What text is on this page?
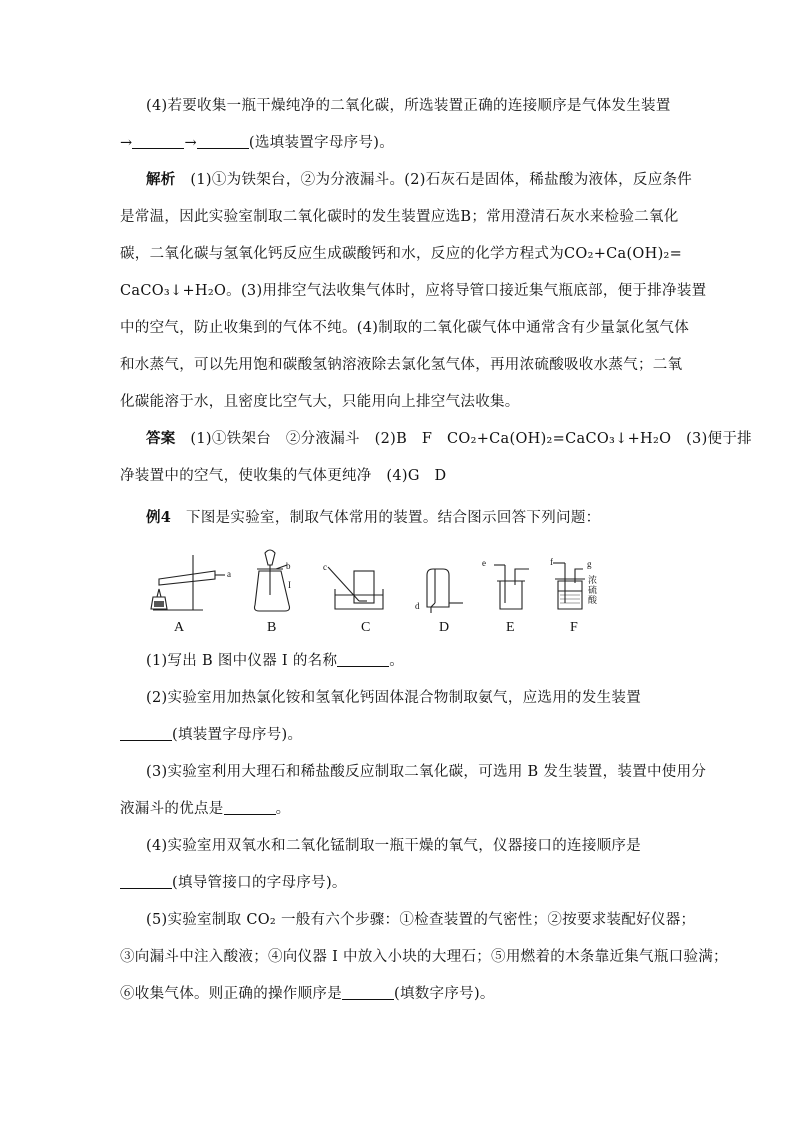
(4)若要收集一瓶干燥纯净的二氧化碳，所选装置正确的连接顺序是气体发生装置
→	→	(选填装置字母序号)。
解析　 (1)①为铁架台，②为分液漏斗。(2)石灰石是固体，稀盐酸为液体，反应条件
是常温，因此实验室制取二氧化碳时的发生装置应选B；常用澄清石灰水来检验二氧化
碳，二氧化碳与氢氧化钙反应生成碳酸钙和水，反应的化学方程式为CO₂+Ca(OH)₂=
CaCO₃↓+H₂O。(3)用排空气法收集气体时，应将导管口接近集气瓶底部，便于排净装置
中的空气，防止收集到的气体不纯。(4)制取的二氧化碳气体中通常含有少量氯化氢气体
和水蒸气，可以先用饱和碳酸氢钠溶液除去氯化氢气体，再用浓硫酸吸收水蒸气；二氧
化碳能溶于水，且密度比空气大，只能用向上排空气法收集。
答案　 (1)①铁架台　②分液漏斗　(2)B　F　CO₂+Ca(OH)₂=CaCO₃↓+H₂O　(3)便于排
净装置中的空气，使收集的气体更纯净　(4)G　D
例4　 下图是实验室，制取气体常用的装置。结合图示回答下列问题：
a
b
I
c
d
e	f	g
浓硫酸
A	B	C	D	E	F
(1)写出 B 图中仪器 I 的名称	。
(2)实验室用加热氯化铵和氢氧化钙固体混合物制取氨气，应选用的发生装置
(填装置字母序号)。
(3)实验室利用大理石和稀盐酸反应制取二氧化碳，可选用 B 发生装置，装置中使用分
液漏斗的优点是	。
(4)实验室用双氧水和二氧化锰制取一瓶干燥的氧气，仪器接口的连接顺序是
(填导管接口的字母序号)。
(5)实验室制取 CO₂ 一般有六个步骤：①检查装置的气密性；②按要求装配好仪器；
③向漏斗中注入酸液；④向仪器 I 中放入小块的大理石；⑤用燃着的木条靠近集气瓶口验满；
⑥收集气体。则正确的操作顺序是	(填数字序号)。
